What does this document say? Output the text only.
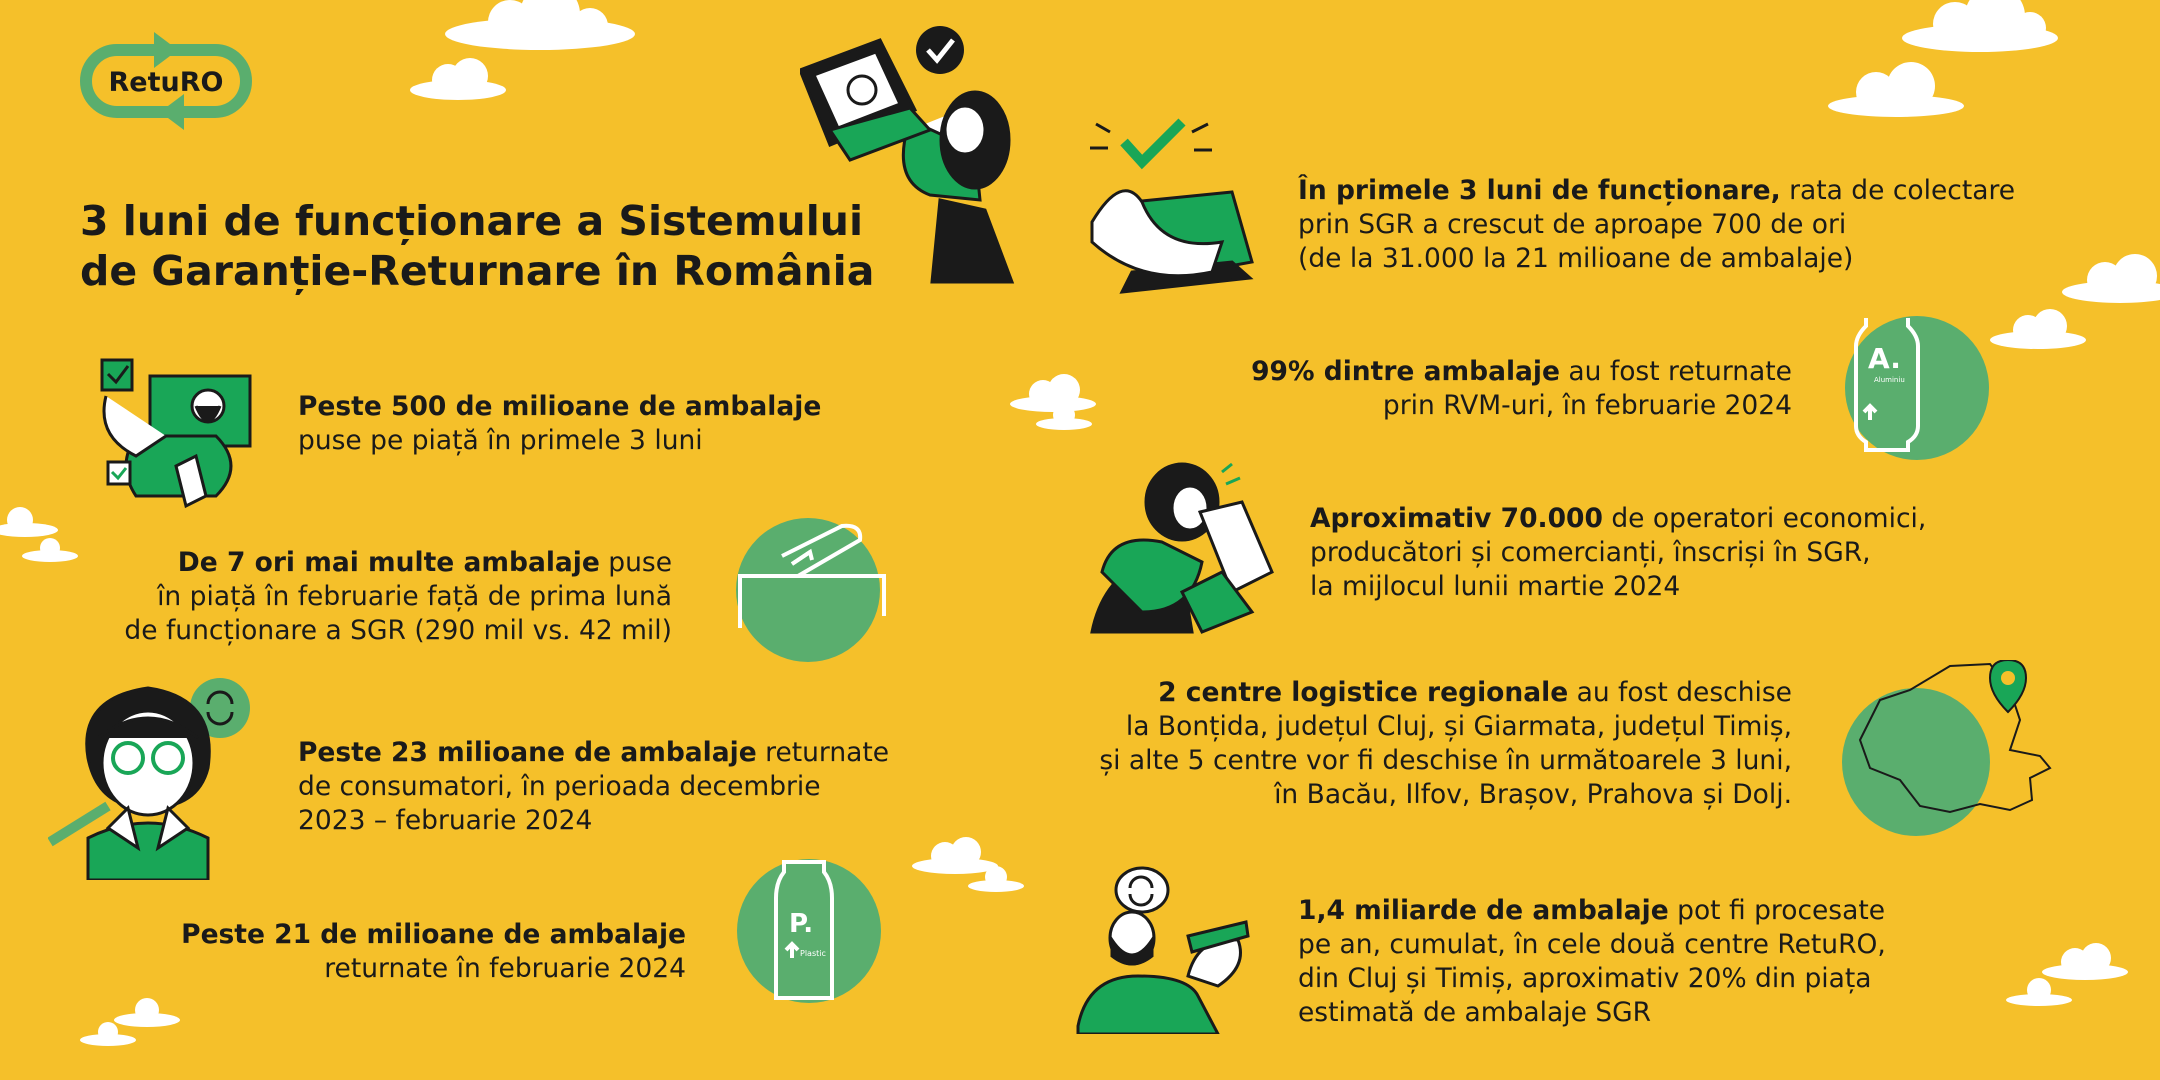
RetuRO
3 luni de funcționare a Sistemului
de Garanție-Returnare în România
P.
Plastic
A.
Aluminiu
Peste 500 de milioane de ambalaje
puse pe piață în primele 3 luni
De 7 ori mai multe ambalaje puse
în piață în februarie față de prima lună
de funcționare a SGR (290 mil vs. 42 mil)
Peste 23 milioane de ambalaje returnate
de consumatori, în perioada decembrie
2023 – februarie 2024
Peste 21 de milioane de ambalaje
returnate în februarie 2024
În primele 3 luni de funcționare, rata de colectare
prin SGR a crescut de aproape 700 de ori
(de la 31.000 la 21 milioane de ambalaje)
99% dintre ambalaje au fost returnate
prin RVM-uri, în februarie 2024
Aproximativ 70.000 de operatori economici,
producători și comercianți, înscriși în SGR,
la mijlocul lunii martie 2024
2 centre logistice regionale au fost deschise
la Bonțida, județul Cluj, și Giarmata, județul Timiș,
și alte 5 centre vor fi deschise în următoarele 3 luni,
în Bacău, Ilfov, Brașov, Prahova și Dolj.
1,4 miliarde de ambalaje pot fi procesate
pe an, cumulat, în cele două centre RetuRO,
din Cluj și Timiș, aproximativ 20% din piața
estimată de ambalaje SGR
